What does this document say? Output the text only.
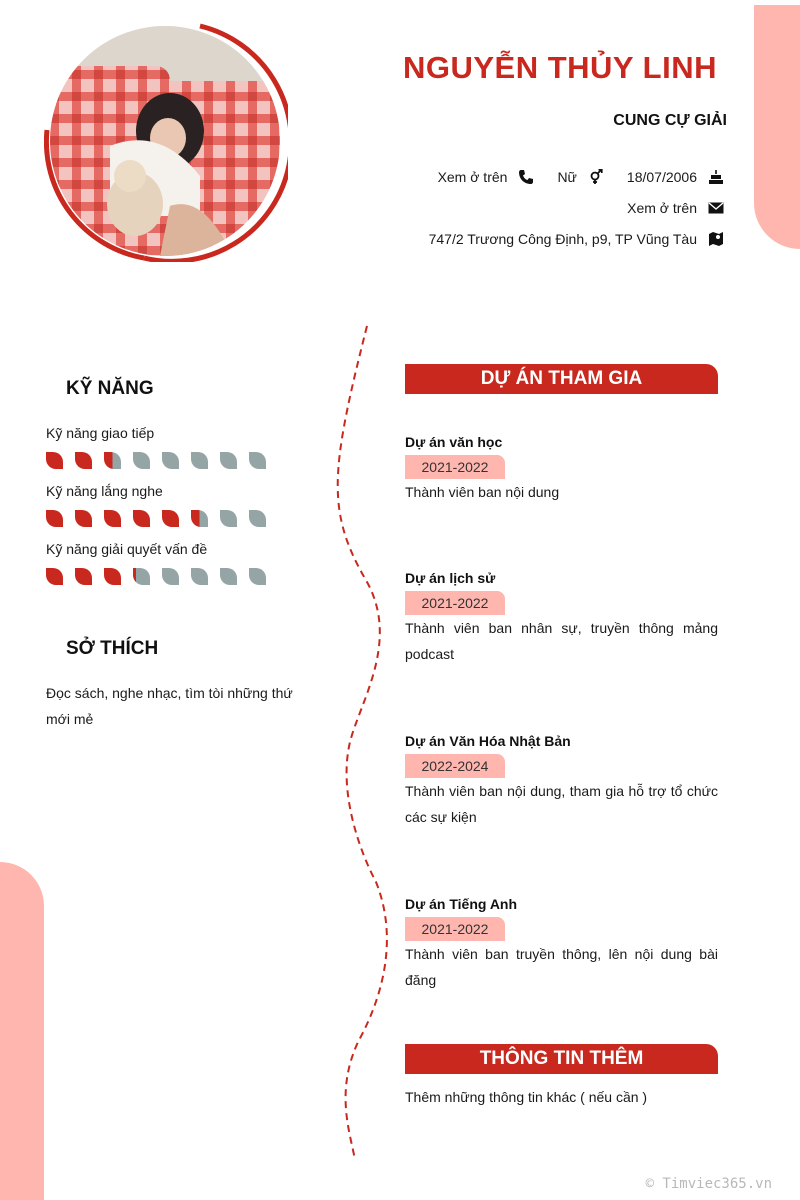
NGUYỄN THỦY LINH
CUNG CỰ GIẢI
Xem ở trên	Nữ	18/07/2006
Xem ở trên
747/2 Trương Công Định, p9, TP Vũng Tàu
KỸ NĂNG
Kỹ năng giao tiếp
Kỹ năng lắng nghe
Kỹ năng giải quyết vấn đề
SỞ THÍCH
Đọc sách, nghe nhạc, tìm tòi những thứ mới mẻ
DỰ ÁN THAM GIA
Dự án văn học
2021-2022
Thành viên ban nội dung
Dự án lịch sử
2021-2022
Thành viên ban nhân sự, truyền thông mảng podcast
Dự án Văn Hóa Nhật Bản
2022-2024
Thành viên ban nội dung, tham gia hỗ trợ tổ chức các sự kiện
Dự án Tiếng Anh
2021-2022
Thành viên ban truyền thông, lên nội dung bài đăng
THÔNG TIN THÊM
Thêm những thông tin khác ( nếu cần )
© Timviec365.vn
